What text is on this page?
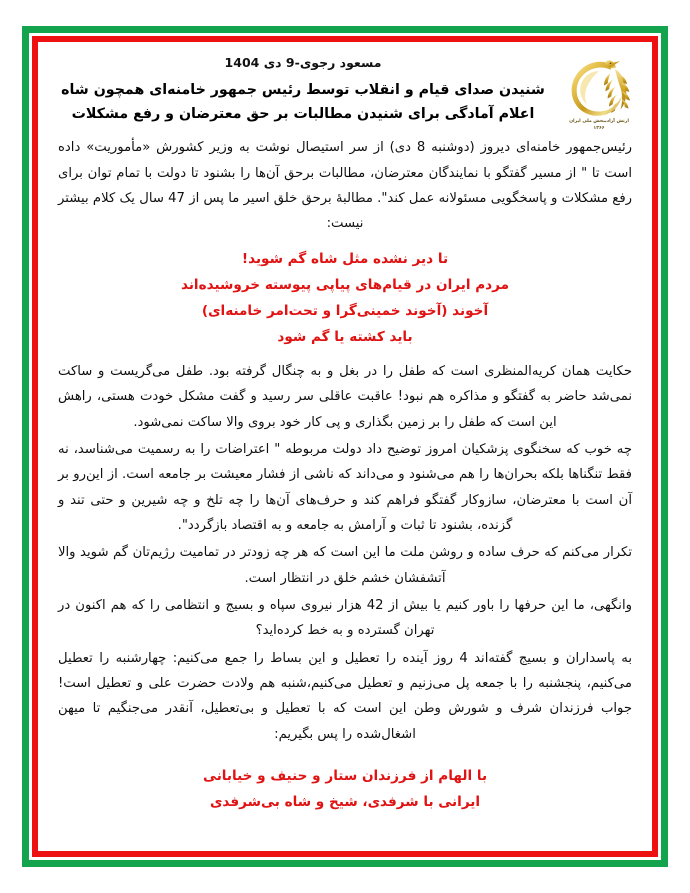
مسعود رجوی-9 دی 1404
شنیدن صدای قیام و انقلاب توسط رئیس جمهور خامنه‌ای همچون شاه
اعلام آمادگی برای شنیدن مطالبات بر حق معترضان و رفع مشکلات	ارتش آزادیبخش ملی ایران
۱۳۶۶

رئیس‌جمهور خامنه‌ای دیروز (دوشنبه 8 دی) از سر استیصال نوشت به وزیر کشورش «مأموریت» داده است تا " از مسیر گفتگو با نمایندگان معترضان، مطالبات برحق آن‌ها را بشنود تا دولت با تمام توان برای رفع مشکلات و پاسخگویی مسئولانه عمل کند". مطالبهٔ برحق خلق اسیر ما پس از 47 سال یک کلام بیشتر نیست:

تا دیر نشده مثل شاه گم شوید!
مردم ایران در قیام‌های پیاپی پیوسته خروشیده‌اند
آخوند (آخوند خمینی‌گرا و تحت‌امر خامنه‌ای)
باید کشته یا گم شود

حکایت همان کریه‌المنظری است که طفل را در بغل و به چنگال گرفته بود. طفل می‌گریست و ساکت نمی‌شد حاضر به گفتگو و مذاکره هم نبود! عاقبت عاقلی سر رسید و گفت مشکل خودت هستی، راهش این است که طفل را بر زمین بگذاری و پی کار خود بروی والا ساکت نمی‌شود.

چه خوب که سخنگوی پزشکیان امروز توضیح داد دولت مربوطه " اعتراضات را به رسمیت می‌شناسد، نه فقط تنگناها بلکه بحران‌ها را هم می‌شنود و می‌داند که ناشی از فشار معیشت بر جامعه است. از این‌رو بر آن است با معترضان، سازوکار گفتگو فراهم کند و حرف‌های آن‌ها را چه تلخ و چه شیرین و حتی تند و گزنده، بشنود تا ثبات و آرامش به جامعه و به اقتصاد بازگردد".

تکرار می‌کنم که حرف ساده و روشن ملت ما این است که هر چه زودتر در تمامیت رژیم‌تان گم شوید والا آتشفشان خشم خلق در انتظار است.

وانگهی، ما این حرفها را باور کنیم یا بیش از 42 هزار نیروی سپاه و بسیج و انتظامی را که هم اکنون در تهران گسترده و به خط کرده‌اید؟

به پاسداران و بسیج گفته‌اند 4 روز آینده را تعطیل و این بساط را جمع می‌کنیم: چهارشنبه را تعطیل می‌کنیم، پنجشنبه را با جمعه پل می‌زنیم و تعطیل می‌کنیم،شنبه هم ولادت حضرت علی و تعطیل است! جواب فرزندان شرف و شورش وطن این است که با تعطیل و بی‌تعطیل، آنقدر می‌جنگیم تا میهن اشغال‌شده را پس بگیریم:

با الهام از فرزندان ستار و حنیف و خیابانی
ایرانی با شرفدی، شیخ و شاه بی‌شرفدی
